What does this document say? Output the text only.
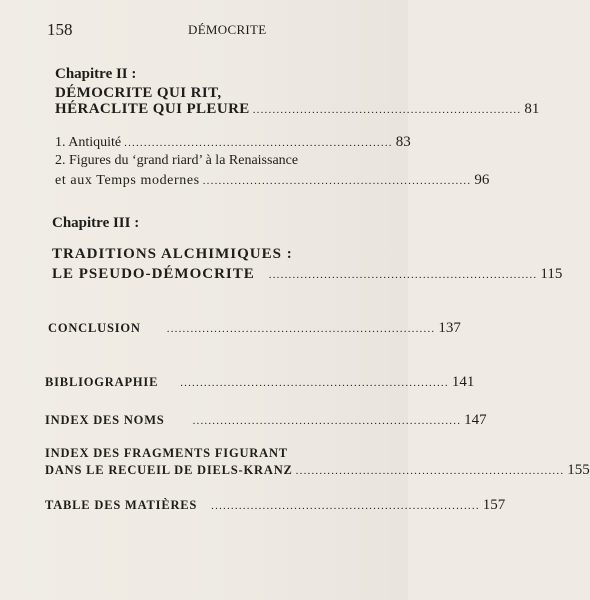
158	DÉMOCRITE
Chapitre II :
DÉMOCRITE QUI RIT,
HÉRACLITE QUI PLEURE .................................................................... 81
1. Antiquité .................................................................... 83
2. Figures du ‘grand riard’ à la Renaissance
et aux Temps modernes .................................................................... 96
Chapitre III :
TRADITIONS ALCHIMIQUES :
LE PSEUDO-DÉMOCRITE .................................................................... 115
CONCLUSION .................................................................... 137
BIBLIOGRAPHIE .................................................................... 141
INDEX DES NOMS	.................................................................... 147
INDEX DES FRAGMENTS FIGURANT
DANS LE RECUEIL DE DIELS-KRANZ .................................................................... 155
TABLE DES MATIÈRES .................................................................... 157
